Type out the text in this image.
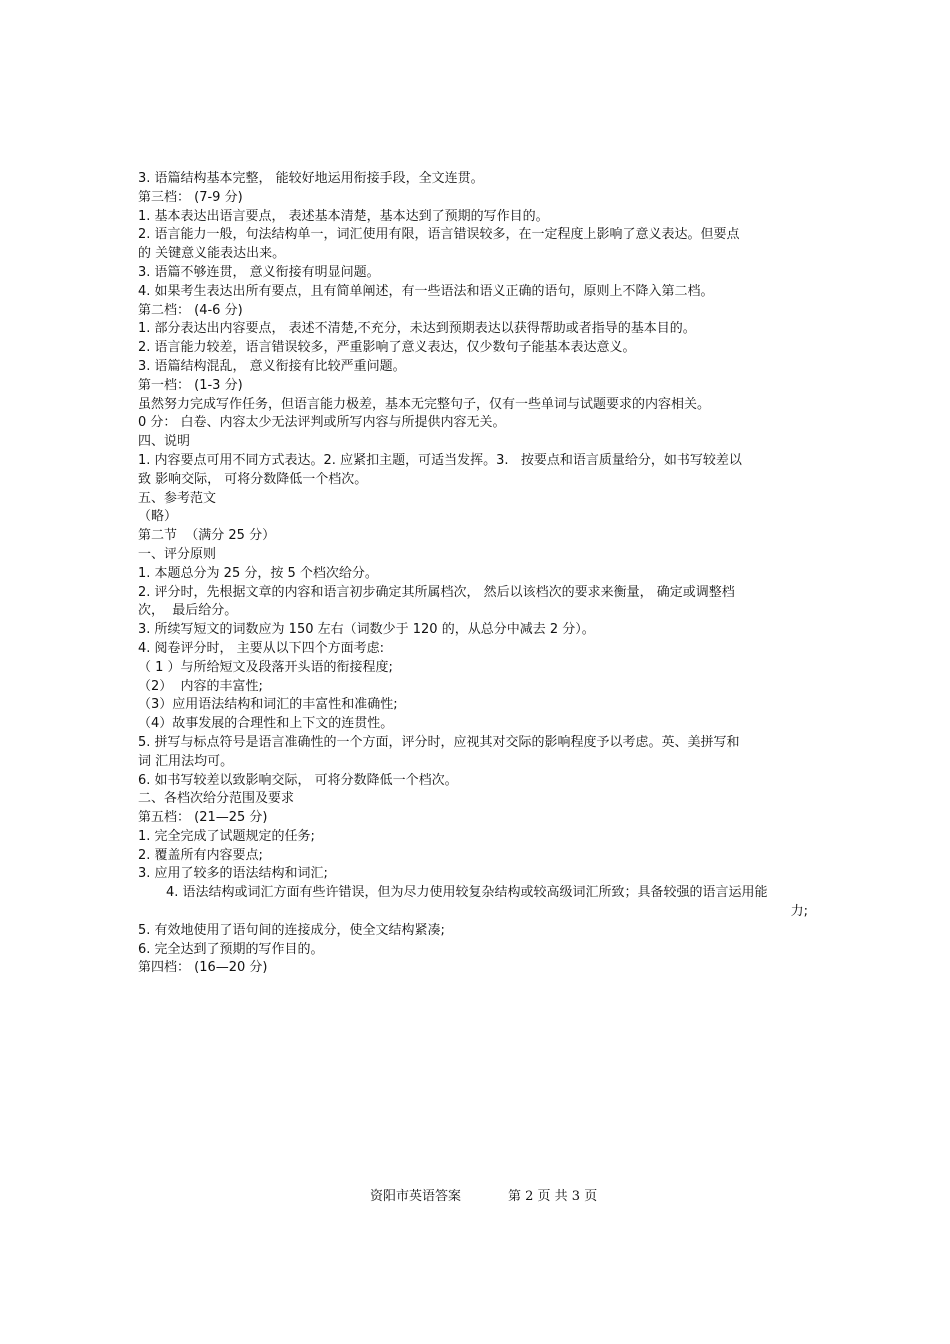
3. 语篇结构基本完整， 能较好地运用衔接手段，全文连贯。

第三档： (7-9 分)

1. 基本表达出语言要点， 表述基本清楚，基本达到了预期的写作目的。

2. 语言能力一般，句法结构单一，词汇使用有限，语言错误较多，在一定程度上影响了意义表达。但要点

的 关键意义能表达出来。

3. 语篇不够连贯， 意义衔接有明显问题。

4. 如果考生表达出所有要点，且有简单阐述，有一些语法和语义正确的语句，原则上不降入第二档。

第二档： (4-6 分)

1. 部分表达出内容要点， 表述不清楚,不充分，未达到预期表达以获得帮助或者指导的基本目的。

2. 语言能力较差，语言错误较多，严重影响了意义表达，仅少数句子能基本表达意义。

3. 语篇结构混乱， 意义衔接有比较严重问题。

第一档： (1-3 分)

虽然努力完成写作任务，但语言能力极差，基本无完整句子，仅有一些单词与试题要求的内容相关。

0 分： 白卷、内容太少无法评判或所写内容与所提供内容无关。

四、说明

1. 内容要点可用不同方式表达。2. 应紧扣主题，可适当发挥。3.   按要点和语言质量给分，如书写较差以

致 影响交际， 可将分数降低一个档次。

五、参考范文

（略）

第二节  （满分 25 分）

一、评分原则

1. 本题总分为 25 分，按 5 个档次给分。

2. 评分时，先根据文章的内容和语言初步确定其所属档次， 然后以该档次的要求来衡量， 确定或调整档

次，  最后给分。

3. 所续写短文的词数应为 150 左右（词数少于 120 的，从总分中减去 2 分）。

4. 阅卷评分时， 主要从以下四个方面考虑:

（ 1 ）与所给短文及段落开头语的衔接程度;

（2）  内容的丰富性;

（3）应用语法结构和词汇的丰富性和准确性;

（4）故事发展的合理性和上下文的连贯性。

5. 拼写与标点符号是语言准确性的一个方面，评分时，应视其对交际的影响程度予以考虑。英、美拼写和

词 汇用法均可。

6. 如书写较差以致影响交际， 可将分数降低一个档次。

二、各档次给分范围及要求

第五档： (21—25 分)

1. 完全完成了试题规定的任务;

2. 覆盖所有内容要点;

3. 应用了较多的语法结构和词汇;

4. 语法结构或词汇方面有些许错误，但为尽力使用较复杂结构或较高级词汇所致；具备较强的语言运用能

力;

5. 有效地使用了语句间的连接成分，使全文结构紧凑;

6. 完全达到了预期的写作目的。

第四档： (16—20 分)

资阳市英语答案	第 2 页 共 3 页
